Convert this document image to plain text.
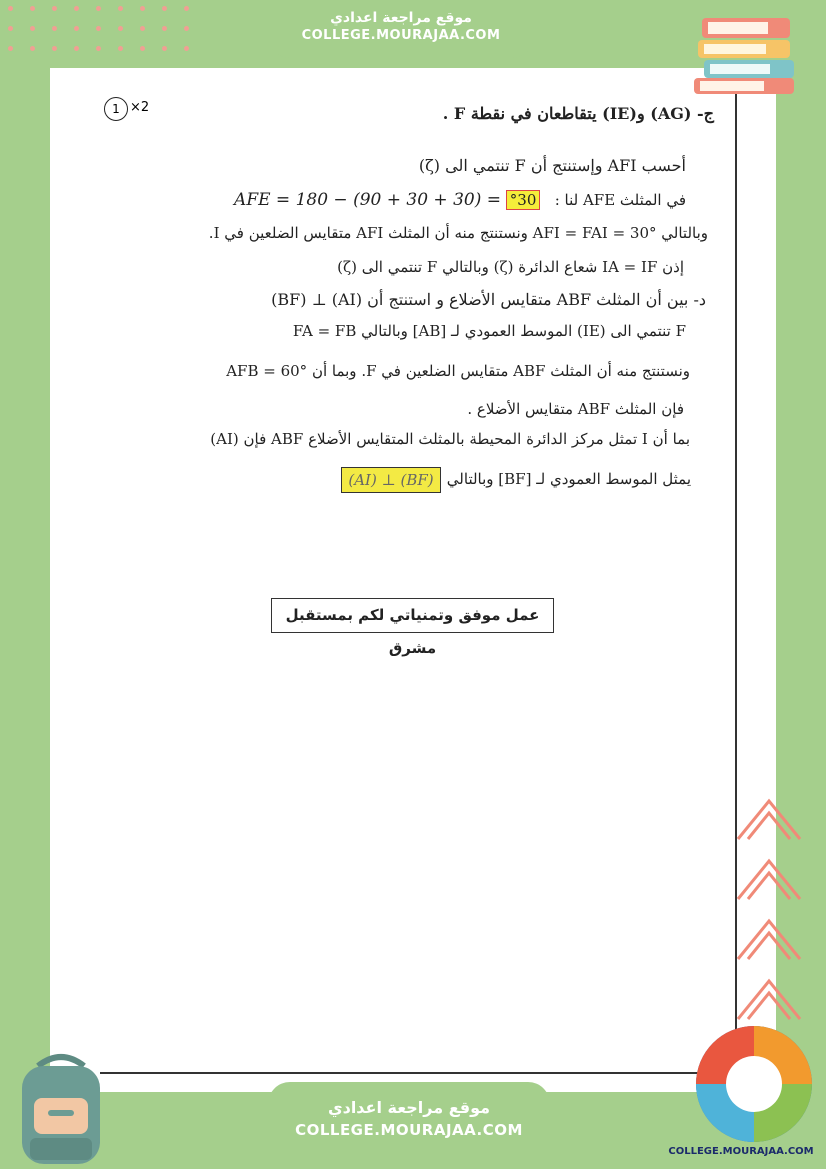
موقع مراجعة اعدادي
COLLEGE.MOURAJAA.COM
1 ×2	ج- (AG) و(IE) يتقاطعان في نقطة F .
أحسب AFI وإستنتج أن F تنتمي الى (ζ)
في المثلث AFE لنا :   30° AFE = 180 − (90 + 30 + 30) =
وبالتالي AFI = FAI = 30° ونستنتج منه أن المثلث AFI متقايس الضلعين في I.
إذن IA = IF شعاع الدائرة (ζ) وبالتالي F تنتمي الى (ζ)
د- بين أن المثلث ABF متقايس الأضلاع و استنتج أن (AI) ⊥ (BF)
F تنتمي الى (IE) الموسط العمودي لـ [AB] وبالتالي FA = FB
ونستنتج منه أن المثلث ABF متقايس الضلعين في F. وبما أن AFB = 60°
فإن المثلث ABF متقايس الأضلاع .
بما أن I تمثل مركز الدائرة المحيطة بالمثلث المتقايس الأضلاع ABF فإن (AI)
يمثل الموسط العمودي لـ [BF] وبالتالي
(AI) ⊥ (BF)
عمل موفق وتمنياتي لكم بمستقبل مشرق
موقع مراجعة اعدادي
COLLEGE.MOURAJAA.COM
COLLEGE.MOURAJAA.COM
